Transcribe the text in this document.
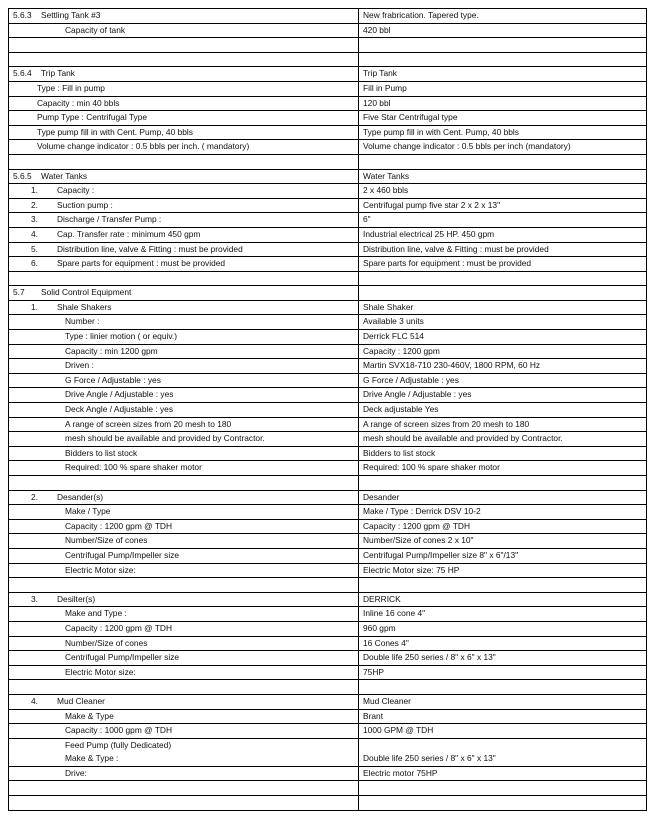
5.6.3 Settling Tank #3	New frabrication. Tapered type.
Capacity of tank	420 bbl

5.6.4 Trip Tank	Trip Tank
Type : Fill in pump	Fill in Pump
Capacity : min 40 bbls	120 bbl
Pump Type : Centrifugal Type	Five Star Centrifugal type
Type pump fill in with Cent. Pump, 40 bbls	Type pump fill in with Cent. Pump, 40 bbls
Volume change indicator : 0.5 bbls per inch. ( mandatory)	Volume change indicator : 0.5 bbls per inch (mandatory)

5.6.5 Water Tanks	Water Tanks
1. Capacity :	2 x 460 bbls
2. Suction pump :	Centrifugal pump five star 2 x 2 x 13"
3. Discharge / Transfer Pump :	6"
4. Cap. Transfer rate : minimum 450 gpm	Industrial electrical 25 HP. 450 gpm
5. Distribution line, valve & Fitting : must be provided	Distribution line, valve & Fitting : must be provided
6. Spare parts for equipment : must be provided	Spare parts for equipment : must be provided

5.7 Solid Control Equipment	
1. Shale Shakers	Shale Shaker
Number :	Available 3 units
Type : linier motion ( or equiv.)	Derrick FLC 514
Capacity : min 1200 gpm	Capacity : 1200 gpm
Driven :	Martin SVX18-710 230-460V, 1800 RPM, 60 Hz
G Force / Adjustable : yes	G Force / Adjustable : yes
Drive Angle / Adjustable : yes	Drive Angle / Adjustable : yes
Deck Angle / Adjustable : yes	Deck adjustable Yes
A range of screen sizes from 20 mesh to 180	A range of screen sizes from 20 mesh to 180
mesh should be available and provided by Contractor.	mesh should be available and provided by Contractor.
Bidders to list stock	Bidders to list stock
Required: 100 % spare shaker motor	Required: 100 % spare shaker motor

2. Desander(s)	Desander
Make / Type	Make / Type : Derrick DSV 10-2
Capacity : 1200 gpm @ TDH	Capacity : 1200 gpm @ TDH
Number/Size of cones	Number/Size of cones 2 x 10"
Centrifugal Pump/Impeller size	Centrifugal Pump/Impeller size 8" x 6"/13"
Electric Motor size:	Electric Motor size: 75 HP

3. Desilter(s)	DERRICK
Make and Type :	Inline 16 cone 4"
Capacity : 1200 gpm @ TDH	960 gpm
Number/Size of cones	16 Cones 4"
Centrifugal Pump/Impeller size	Double life 250 series / 8" x 6" x 13"
Electric Motor size:	75HP

4. Mud Cleaner	Mud Cleaner
Make & Type	Brant
Capacity : 1000 gpm @ TDH	1000 GPM @ TDH
Feed Pump (fully Dedicated)	
Make & Type :	Double life 250 series / 8" x 6" x 13"
Drive:	Electric motor 75HP
